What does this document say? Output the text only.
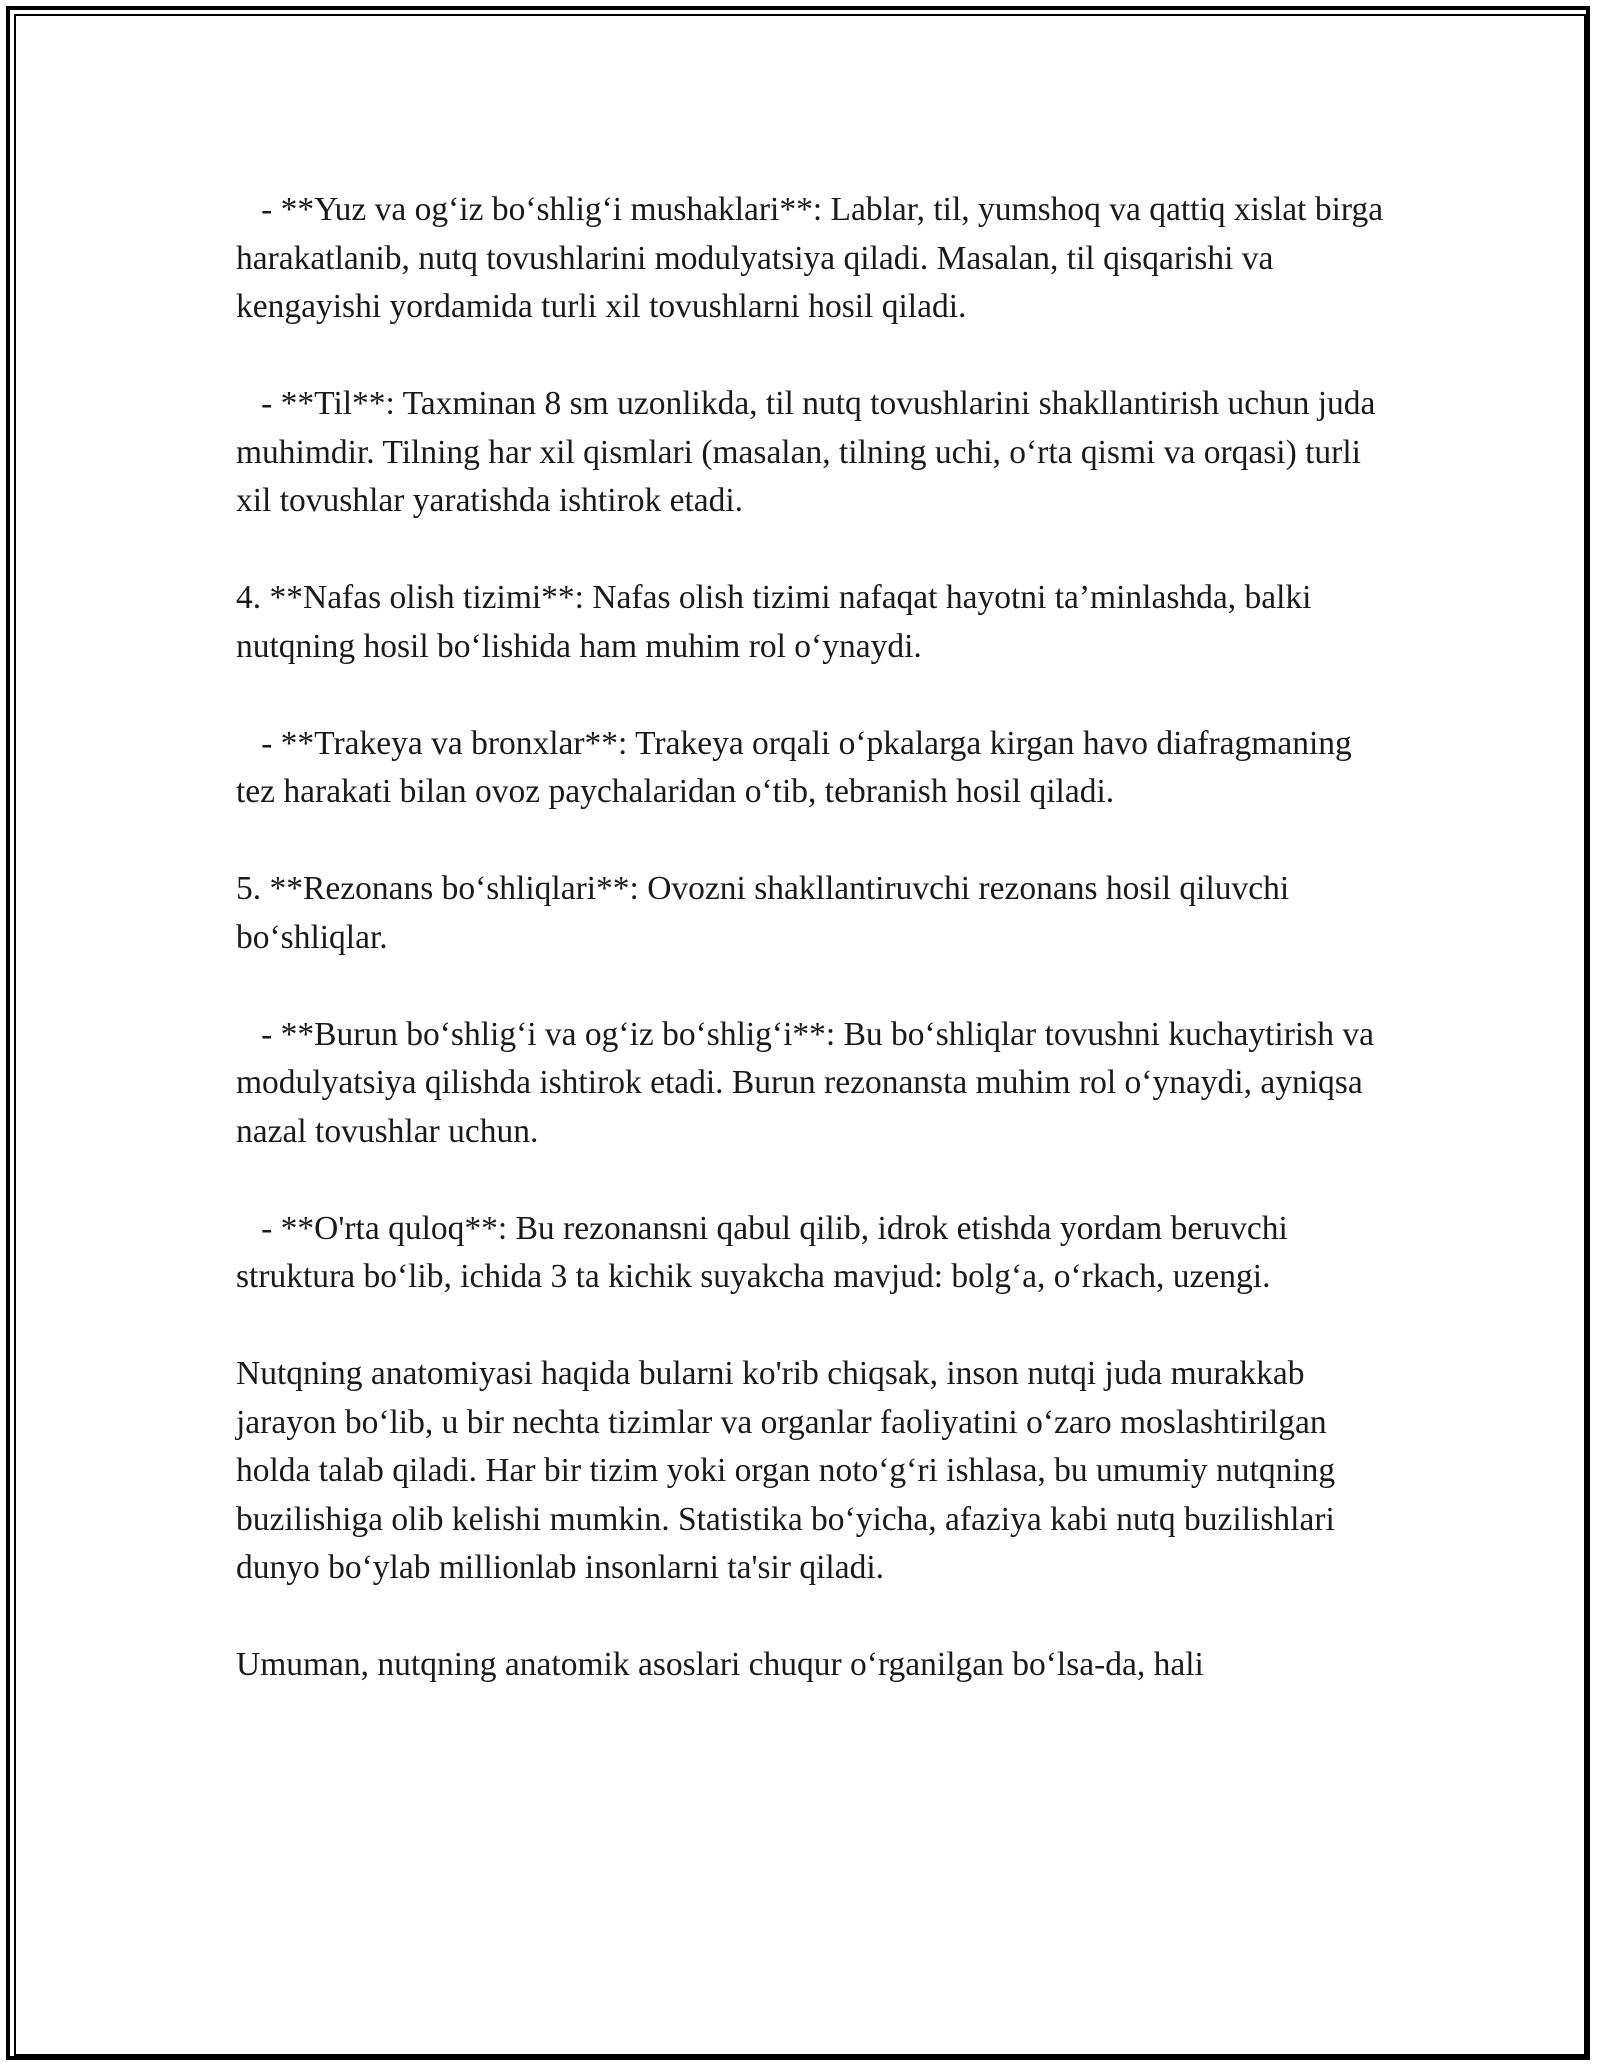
- **Yuz va og‘iz bo‘shlig‘i mushaklari**: Lablar, til, yumshoq va qattiq xislat birga harakatlanib, nutq tovushlarini modulyatsiya qiladi. Masalan, til qisqarishi va kengayishi yordamida turli xil tovushlarni hosil qiladi.

- **Til**: Taxminan 8 sm uzonlikda, til nutq tovushlarini shakllantirish uchun juda muhimdir. Tilning har xil qismlari (masalan, tilning uchi, o‘rta qismi va orqasi) turli xil tovushlar yaratishda ishtirok etadi.

4. **Nafas olish tizimi**: Nafas olish tizimi nafaqat hayotni ta’minlashda, balki nutqning hosil bo‘lishida ham muhim rol o‘ynaydi.

- **Trakeya va bronxlar**: Trakeya orqali o‘pkalarga kirgan havo diafragmaning tez harakati bilan ovoz paychalaridan o‘tib, tebranish hosil qiladi.

5. **Rezonans bo‘shliqlari**: Ovozni shakllantiruvchi rezonans hosil qiluvchi bo‘shliqlar.

- **Burun bo‘shlig‘i va og‘iz bo‘shlig‘i**: Bu bo‘shliqlar tovushni kuchaytirish va modulyatsiya qilishda ishtirok etadi. Burun rezonansta muhim rol o‘ynaydi, ayniqsa nazal tovushlar uchun.

- **O'rta quloq**: Bu rezonansni qabul qilib, idrok etishda yordam beruvchi struktura bo‘lib, ichida 3 ta kichik suyakcha mavjud: bolg‘a, o‘rkach, uzengi.

Nutqning anatomiyasi haqida bularni ko'rib chiqsak, inson nutqi juda murakkab jarayon bo‘lib, u bir nechta tizimlar va organlar faoliyatini o‘zaro moslashtirilgan holda talab qiladi. Har bir tizim yoki organ noto‘g‘ri ishlasa, bu umumiy nutqning buzilishiga olib kelishi mumkin. Statistika bo‘yicha, afaziya kabi nutq buzilishlari dunyo bo‘ylab millionlab insonlarni ta'sir qiladi.

Umuman, nutqning anatomik asoslari chuqur o‘rganilgan bo‘lsa-da, hali
